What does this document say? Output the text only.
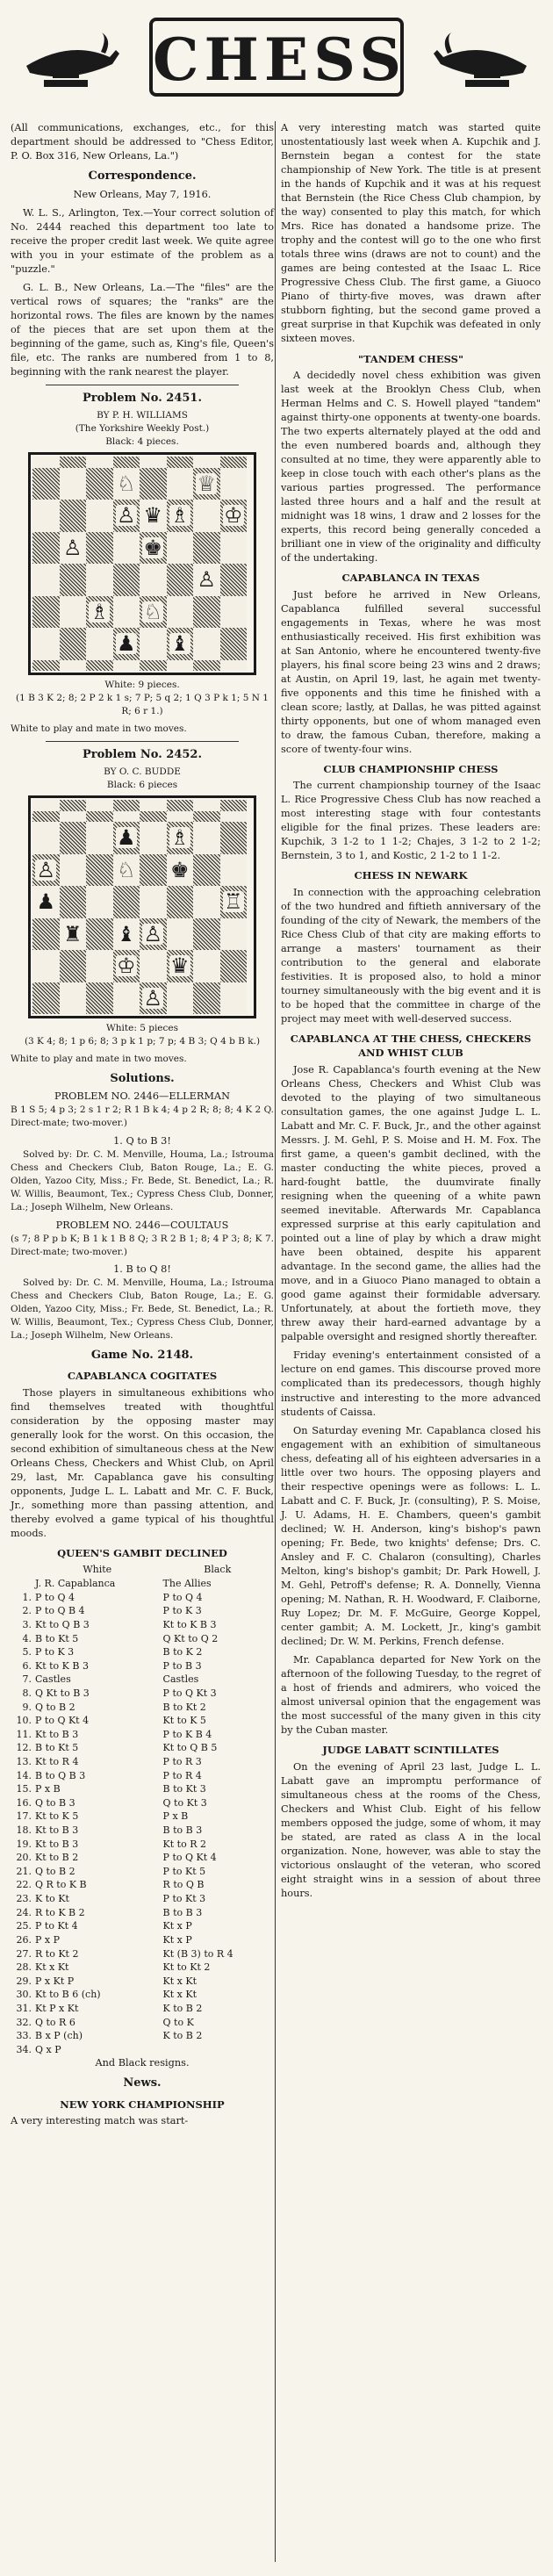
CHESS

(All communications, exchanges, etc., for this department should be addressed to "Chess Editor, P. O. Box 316, New Orleans, La.")

Correspondence.

New Orleans, May 7, 1916.

W. L. S., Arlington, Tex.—Your correct solution of No. 2444 reached this department too late to receive the proper credit last week. We quite agree with you in your estimate of the problem as a "puzzle."

G. L. B., New Orleans, La.—The "files" are the vertical rows of squares; the "ranks" are the horizontal rows. The files are known by the names of the pieces that are set upon them at the beginning of the game, such as, King's file, Queen's file, etc. The ranks are numbered from 1 to 8, beginning with the rank nearest the player.

Problem No. 2451.
BY P. H. WILLIAMS
(The Yorkshire Weekly Post.)
Black: 4 pieces.
♘	♕
♙ ♛ ♗ ♔
♙	♚
♙
♗ ♘
♟ ♝
White: 9 pieces.

(1 B 3 K 2; 8; 2 P 2 k 1 s; 7 P; 5 q 2; 1 Q 3 P k 1; 5 N 1 R; 6 r 1.)

White to play and mate in two moves.

Problem No. 2452.
BY O. C. BUDDE
Black: 6 pieces
♟ ♗
♙	♘ ♚
♟	♖
♜ ♝ ♙
♔ ♛
♙
White: 5 pieces

(3 K 4; 8; 1 p 6; 8; 3 p k 1 p; 7 p; 4 B 3; Q 4 b B k.)

White to play and mate in two moves.

Solutions.
PROBLEM NO. 2446—ELLERMAN

B 1 S 5; 4 p 3; 2 s 1 r 2; R 1 B k 4; 4 p 2 R; 8; 8; 4 K 2 Q. Direct-mate; two-mover.)

1. Q to B 3!

Solved by: Dr. C. M. Menville, Houma, La.; Istrouma Chess and Checkers Club, Baton Rouge, La.; E. G. Olden, Yazoo City, Miss.; Fr. Bede, St. Benedict, La.; R. W. Willis, Beaumont, Tex.; Cypress Chess Club, Donner, La.; Joseph Wilhelm, New Orleans.

PROBLEM NO. 2446—COULTAUS

(s 7; 8 P p b K; B 1 k 1 B 8 Q; 3 R 2 B 1; 8; 4 P 3; 8; K 7. Direct-mate; two-mover.)

1. B to Q 8!

Solved by: Dr. C. M. Menville, Houma, La.; Istrouma Chess and Checkers Club, Baton Rouge, La.; E. G. Olden, Yazoo City, Miss.; Fr. Bede, St. Benedict, La.; R. W. Willis, Beaumont, Tex.; Cypress Chess Club, Donner, La.; Joseph Wilhelm, New Orleans.

Game No. 2148.
CAPABLANCA COGITATES

Those players in simultaneous exhibitions who find themselves treated with thoughtful consideration by the opposing master may generally look for the worst. On this occasion, the second exhibition of simultaneous chess at the New Orleans Chess, Checkers and Whist Club, on April 29, last, Mr. Capablanca gave his consulting opponents, Judge L. L. Labatt and Mr. C. F. Buck, Jr., something more than passing attention, and thereby evolved a game typical of his thoughtful moods.

QUEEN'S GAMBIT DECLINED
	White	Black
	J. R. Capablanca	The Allies
1.	P to Q 4	P to Q 4
2.	P to Q B 4	P to K 3
3.	Kt to Q B 3	Kt to K B 3
4.	B to Kt 5	Q Kt to Q 2
5.	P to K 3	B to K 2
6.	Kt to K B 3	P to B 3
7.	Castles	Castles
8.	Q Kt to B 3	P to Q Kt 3
9.	Q to B 2	B to Kt 2
10.	P to Q Kt 4	Kt to K 5
11.	Kt to B 3	P to K B 4
12.	B to Kt 5	Kt to Q B 5
13.	Kt to R 4	P to R 3
14.	B to Q B 3	P to R 4
15.	P x B	B to Kt 3
16.	Q to B 3	Q to Kt 3
17.	Kt to K 5	P x B
18.	Kt to B 3	B to B 3
19.	Kt to B 3	Kt to R 2
20.	Kt to B 2	P to Q Kt 4
21.	Q to B 2	P to Kt 5
22.	Q R to K B	R to Q B
23.	K to Kt	P to Kt 3
24.	R to K B 2	B to B 3
25.	P to Kt 4	Kt x P
26.	P x P	Kt x P
27.	R to Kt 2	Kt (B 3) to R 4
28.	Kt x Kt	Kt to Kt 2
29.	P x Kt P	Kt x Kt
30.	Kt to B 6 (ch)	Kt x Kt
31.	Kt P x Kt	K to B 2
32.	Q to R 6	Q to K
33.	B x P (ch)	K to B 2
34.	Q x P	
And Black resigns.
News.
NEW YORK CHAMPIONSHIP

A very interesting match was start-

A very interesting match was started quite unostentatiously last week when A. Kupchik and J. Bernstein began a contest for the state championship of New York. The title is at present in the hands of Kupchik and it was at his request that Bernstein (the Rice Chess Club champion, by the way) consented to play this match, for which Mrs. Rice has donated a handsome prize. The trophy and the contest will go to the one who first totals three wins (draws are not to count) and the games are being contested at the Isaac L. Rice Progressive Chess Club. The first game, a Giuoco Piano of thirty-five moves, was drawn after stubborn fighting, but the second game proved a great surprise in that Kupchik was defeated in only sixteen moves.

"TANDEM CHESS"

A decidedly novel chess exhibition was given last week at the Brooklyn Chess Club, when Herman Helms and C. S. Howell played "tandem" against thirty-one opponents at twenty-one boards. The two experts alternately played at the odd and the even numbered boards and, although they consulted at no time, they were apparently able to keep in close touch with each other's plans as the various parties progressed. The performance lasted three hours and a half and the result at midnight was 18 wins, 1 draw and 2 losses for the experts, this record being generally conceded a brilliant one in view of the originality and difficulty of the undertaking.

CAPABLANCA IN TEXAS

Just before he arrived in New Orleans, Capablanca fulfilled several successful engagements in Texas, where he was most enthusiastically received. His first exhibition was at San Antonio, where he encountered twenty-five players, his final score being 23 wins and 2 draws; at Austin, on April 19, last, he again met twenty-five opponents and this time he finished with a clean score; lastly, at Dallas, he was pitted against thirty opponents, but one of whom managed even to draw, the famous Cuban, therefore, making a score of twenty-four wins.

CLUB CHAMPIONSHIP CHESS

The current championship tourney of the Isaac L. Rice Progressive Chess Club has now reached a most interesting stage with four contestants eligible for the final prizes. These leaders are: Kupchik, 3 1-2 to 1 1-2; Chajes, 3 1-2 to 2 1-2; Bernstein, 3 to 1, and Kostic, 2 1-2 to 1 1-2.

CHESS IN NEWARK

In connection with the approaching celebration of the two hundred and fiftieth anniversary of the founding of the city of Newark, the members of the Rice Chess Club of that city are making efforts to arrange a masters' tournament as their contribution to the general and elaborate festivities. It is proposed also, to hold a minor tourney simultaneously with the big event and it is to be hoped that the committee in charge of the project may meet with well-deserved success.

CAPABLANCA AT THE CHESS, CHECKERS AND WHIST CLUB

Jose R. Capablanca's fourth evening at the New Orleans Chess, Checkers and Whist Club was devoted to the playing of two simultaneous consultation games, the one against Judge L. L. Labatt and Mr. C. F. Buck, Jr., and the other against Messrs. J. M. Gehl, P. S. Moise and H. M. Fox. The first game, a queen's gambit declined, with the master conducting the white pieces, proved a hard-fought battle, the duumvirate finally resigning when the queening of a white pawn seemed inevitable. Afterwards Mr. Capablanca expressed surprise at this early capitulation and pointed out a line of play by which a draw might have been obtained, despite his apparent advantage. In the second game, the allies had the move, and in a Giuoco Piano managed to obtain a good game against their formidable adversary. Unfortunately, at about the fortieth move, they threw away their hard-earned advantage by a palpable oversight and resigned shortly thereafter.

Friday evening's entertainment consisted of a lecture on end games. This discourse proved more complicated than its predecessors, though highly instructive and interesting to the more advanced students of Caissa.

On Saturday evening Mr. Capablanca closed his engagement with an exhibition of simultaneous chess, defeating all of his eighteen adversaries in a little over two hours. The opposing players and their respective openings were as follows: L. L. Labatt and C. F. Buck, Jr. (consulting), P. S. Moise, J. U. Adams, H. E. Chambers, queen's gambit declined; W. H. Anderson, king's bishop's pawn opening; Fr. Bede, two knights' defense; Drs. C. Ansley and F. C. Chalaron (consulting), Charles Melton, king's bishop's gambit; Dr. Park Howell, J. M. Gehl, Petroff's defense; R. A. Donnelly, Vienna opening; M. Nathan, R. H. Woodward, F. Claiborne, Ruy Lopez; Dr. M. F. McGuire, George Koppel, center gambit; A. M. Lockett, Jr., king's gambit declined; Dr. W. M. Perkins, French defense.

Mr. Capablanca departed for New York on the afternoon of the following Tuesday, to the regret of a host of friends and admirers, who voiced the almost universal opinion that the engagement was the most successful of the many given in this city by the Cuban master.

JUDGE LABATT SCINTILLATES

On the evening of April 23 last, Judge L. L. Labatt gave an impromptu performance of simultaneous chess at the rooms of the Chess, Checkers and Whist Club. Eight of his fellow members opposed the judge, some of whom, it may be stated, are rated as class A in the local organization. None, however, was able to stay the victorious onslaught of the veteran, who scored eight straight wins in a session of about three hours.
